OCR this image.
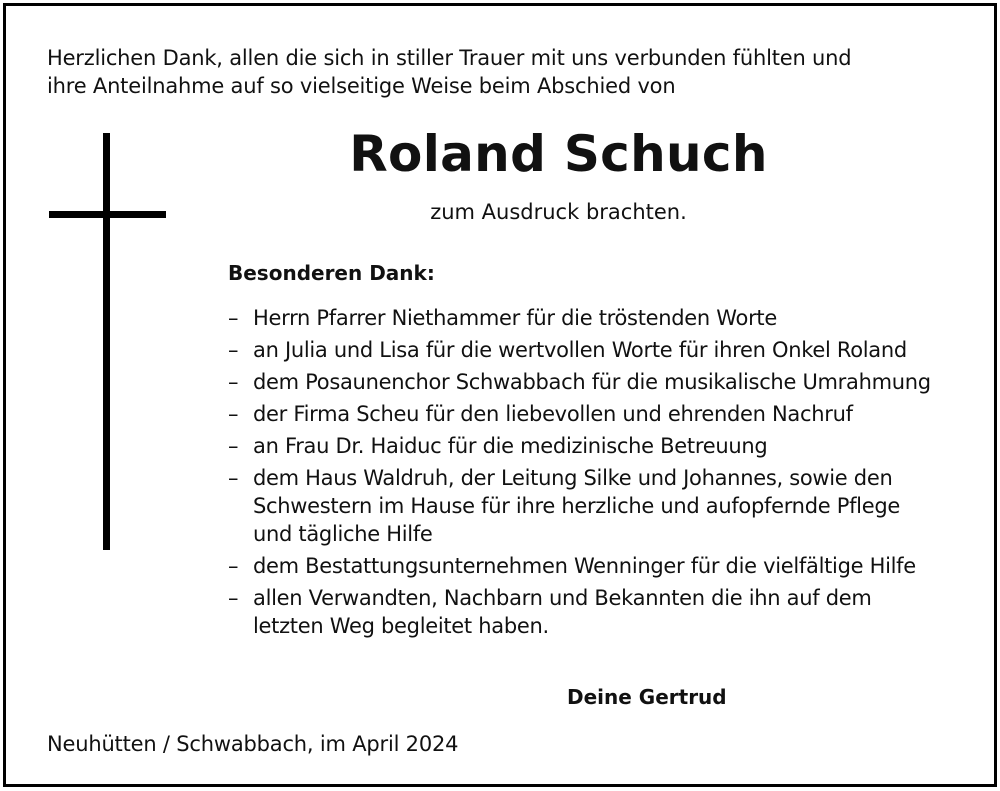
Herzlichen Dank, allen die sich in stiller Trauer mit uns verbunden fühlten und
ihre Anteilnahme auf so vielseitige Weise beim Abschied von
Roland Schuch
zum Ausdruck brachten.
Besonderen Dank:
– Herrn Pfarrer Niethammer für die tröstenden Worte
– an Julia und Lisa für die wertvollen Worte für ihren Onkel Roland
– dem Posaunenchor Schwabbach für die musikalische Umrahmung
– der Firma Scheu für den liebevollen und ehrenden Nachruf
– an Frau Dr. Haiduc für die medizinische Betreuung
– dem Haus Waldruh, der Leitung Silke und Johannes, sowie den
Schwestern im Hause für ihre herzliche und aufopfernde Pflege
und tägliche Hilfe
– dem Bestattungsunternehmen Wenninger für die vielfältige Hilfe
– allen Verwandten, Nachbarn und Bekannten die ihn auf dem
letzten Weg begleitet haben.
Deine Gertrud
Neuhütten / Schwabbach, im April 2024
